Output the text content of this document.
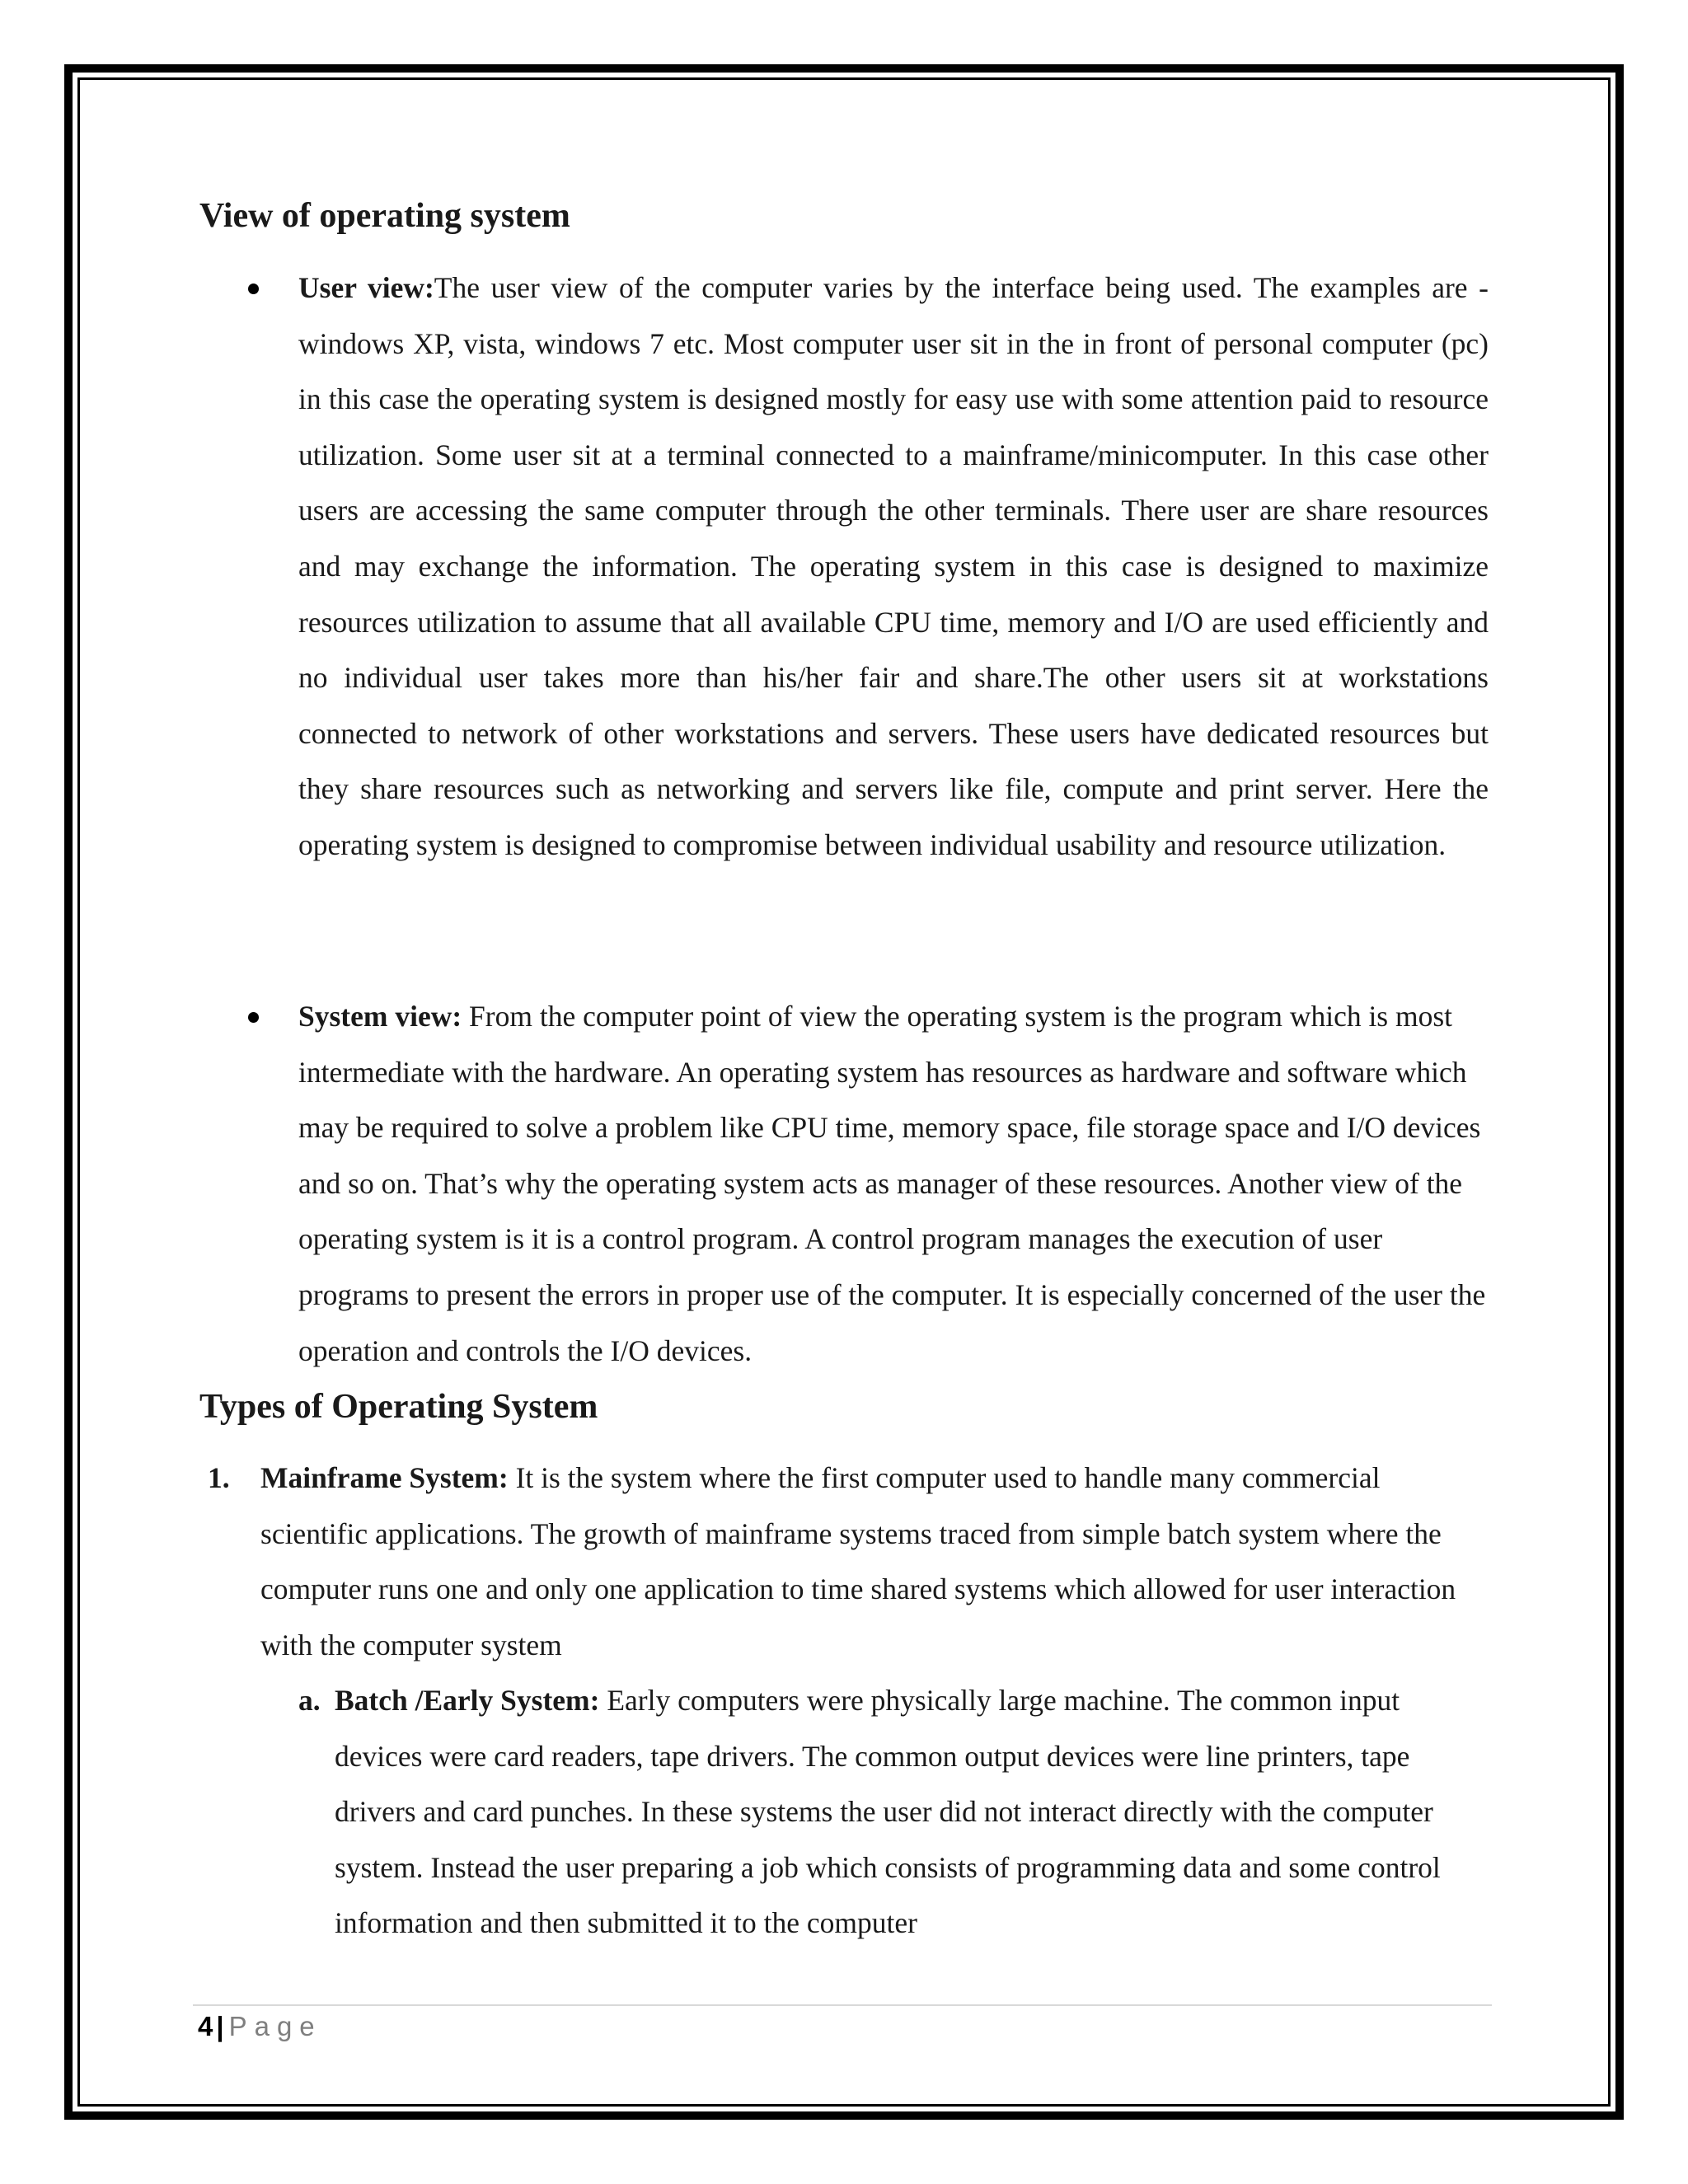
View of operating system

User view:The user view of the computer varies by the interface being used. The examples are -windows XP, vista, windows 7 etc. Most computer user sit in the in front of personal computer (pc) in this case the operating system is designed mostly for easy use with some attention paid to resource utilization. Some user sit at a terminal connected to a mainframe/minicomputer. In this case other users are accessing the same computer through the other terminals. There user are share resources and may exchange the information. The operating system in this case is designed to maximize resources utilization to assume that all available CPU time, memory and I/O are used efficiently and no individual user takes more than his/her fair and share.The other users sit at workstations connected to network of other workstations and servers. These users have dedicated resources but they share resources such as networking and servers like file, compute and print server. Here the operating system is designed to compromise between individual usability and resource utilization.

System view: From the computer point of view the operating system is the program which is most intermediate with the hardware. An operating system has resources as hardware and software which may be required to solve a problem like CPU time, memory space, file storage space and I/O devices and so on. That’s why the operating system acts as manager of these resources. Another view of the operating system is it is a control program. A control program manages the execution of user programs to present the errors in proper use of the computer. It is especially concerned of the user the operation and controls the I/O devices.

Types of Operating System
1. Mainframe System: It is the system where the first computer used to handle many commercial scientific applications. The growth of mainframe systems traced from simple batch system where the computer runs one and only one application to time shared systems which allowed for user interaction with the computer system

a. Batch /Early System: Early computers were physically large machine. The common input devices were card readers, tape drivers. The common output devices were line printers, tape drivers and card punches. In these systems the user did not interact directly with the computer system. Instead the user preparing a job which consists of programming data and some control information and then submitted it to the computer

4 | Page
